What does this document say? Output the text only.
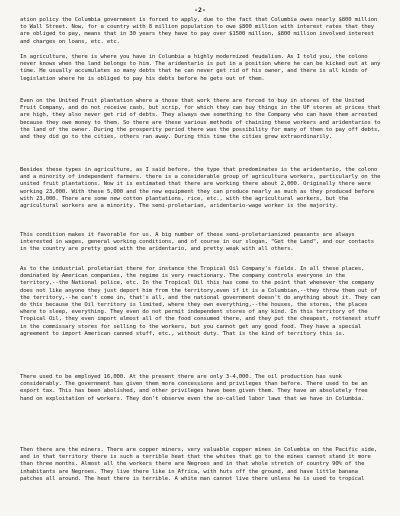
-2-

ation policy the Columbia government is forced to apply, due to the fact that Columbia owes nearly $800 million to Wall Street. Now, for a country with 8 million population to owe $800 million with interest rates that they are obliged to pay, means that in 30 years they have to pay over $1500 million, $800 million involved interest and charges on loans, etc. etc.

In agriculture, there is where you have in Columbia a highly modernized feudalism. As I told you, the colono never knows when the land belongs to him. The aridentario is put in a position where he can be kicked out at any time. He usually accumulates so many debts that he can never get rid of his owner, and there is all kinds of legislation where he is obliged to pay his debts before he gets out of them.

Even on the United Fruit plantation where a those that work there are forced to buy in stores of the United Fruit Company, and do not receive cash, but scrip, for which they can buy things in the UF stores at prices that are high, they also never get rid of debts. They always owe something to the Company who can have them arrested because they owe money to them. So there are these various methods of chaining these workers and aridentarios to the land of the owner. During the prosperity period there was the possibility for many of them to pay off debts, and they did go to the cities, others ran away. During this time the cities grew extraordinarily.

Besides these types in agriculture, as I said before, the type that predominates is the aridentario, the colono and a minority of independent farmers. there is a considerable group of agricultura workers, particularly on the united fruit plantations. Now it is estimated that there are working there about 2,000. Originally there were working 23,000. With these 5,000 and the new equipment they can produce nearly as much as they produced before with 23,000. There are some new cotton plantations, rice, etc., with the agricultural workers, but the agricultural workers are a minority. The semi-proletarian, aridentario-wage worker is the majority.

This condition makes it favorable for us. A big number of these semi-proletarianized peasants are always interested in wages, general working conditions, and of course in our slogan, "Get the Land", and our contacts in the country are pretty good with the aridentario, and pretty weak with all others.

As to the industrial proletariat there for instance the Tropical Oil Company's fields. In all these places, dominated by American companies, the regime is very reactionary. The company controls everyone in the territory,--the National police, etc. In the Tropical Oil this has come to the point that whenever the company does not like anyone they just deport him from the territory,even if it is a Columbian,--they throw them out of the territory,--he can't come in, that's all, and the national government doesn't do anything about it. They can do this because the Oil territory is limited, where they own everything,--the houses, the stores, the places where to sleep, everything. They even do not permit independent stores of any kind. In this territory of the Tropical Oil, they even import almost all of the food consumed there, and they put the cheapest, rottenest stuff in the commissary stores for selling to the workers, but you cannot get any good food. They have a special agreement to import American canned stuff, etc., without duty. That is the kind of territory this is.

There used to be employed 16,000. At the present there are only 3-4,000. The oil production has sunk considerably. The government has given them more concessions and privileges than before. There used to be an export tax. This has been abolished, and other privileges have been given them. They have an absolutely free hand on exploitation of workers. They don't observe even the so-called labor laws that we have in Columbia.

Then there are the miners. There are copper miners, very valuable copper mines in Columbia on the Pacific side, and in that territory there is such a terrible heat that the whites that go to the mines cannot stand it more than three months. Almost all the workers there are Negroes and in that whole stretch of country 90% of the inhabitants are Negroes. They live there like in Africa, with huts off the ground, and have little banana patches all around. The heat there is terrible. A white man cannot live there unless he is used to tropical
